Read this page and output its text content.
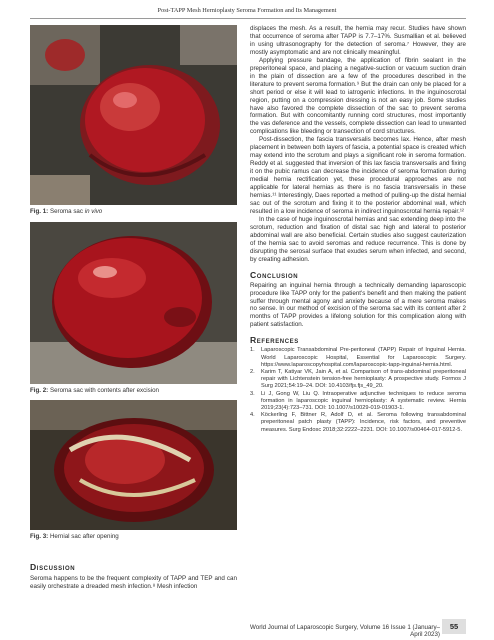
Post-TAPP Mesh Hernioplasty Seroma Formation and Its Management
Fig. 1: Seroma sac in vivo
Fig. 2: Seroma sac with contents after excision
Fig. 3: Hernial sac after opening
Discussion

Seroma happens to be the frequent complexity of TAPP and TEP and can easily orchestrate a dreaded mesh infection.⁸ Mesh infection

displaces the mesh. As a result, the hernia may recur. Studies have shown that occurrence of seroma after TAPP is 7.7–17%. Susmallian et al. believed in using ultrasonography for the detection of seroma.⁷ However, they are mostly asymptomatic and are not clinically meaningful.

Applying pressure bandage, the application of fibrin sealant in the preperitoneal space, and placing a negative-suction or vacuum suction drain in the plain of dissection are a few of the procedures described in the literature to prevent seroma formation.⁹ But the drain can only be placed for a short period or else it will lead to iatrogenic infections. In the inguinoscrotal region, putting on a compression dressing is not an easy job. Some studies have also favored the complete dissection of the sac to prevent seroma formation. But with concomitantly running cord structures, most importantly the vas deference and the vessels, complete dissection can lead to unwanted complications like bleeding or transection of cord structures.

Post-dissection, the fascia transversalis becomes lax. Hence, after mesh placement in between both layers of fascia, a potential space is created which may extend into the scrotum and plays a significant role in seroma formation. Reddy et al. suggested that inversion of this lax fascia transversalis and fixing it on the pubic ramus can decrease the incidence of seroma formation during medial hernia rectification yet, these procedural approaches are not applicable for lateral hernias as there is no fascia transversalis in these hernias.¹¹ Interestingly, Daes reported a method of pulling-up the distal hernial sac out of the scrotum and fixing it to the posterior abdominal wall, which resulted in a low incidence of seroma in indirect inguinoscrotal hernia repair.¹²

In the case of huge inguinoscrotal hernias and sac extending deep into the scrotum, reduction and fixation of distal sac high and lateral to posterior abdominal wall are also beneficial. Certain studies also suggest cauterization of the hernia sac to avoid seromas and reduce recurrence. This is done by disrupting the serosal surface that exudes serum when infected, and second, by creating adhesion.

Conclusion

Repairing an inguinal hernia through a technically demanding laparoscopic procedure like TAPP only for the patient's benefit and then making the patient suffer through mental agony and anxiety because of a mere seroma makes no sense. In our method of excision of the seroma sac with its content after 2 months of TAPP provides a lifelong solution for this complication along with patient satisfaction.

References
1.	Laparoscopic Transabdominal Pre-peritoneal (TAPP) Repair of Inguinal Hernia. World Laparoscopic Hospital, Essential for Laparoscopic Surgery. https://www.laparoscopyhospital.com/laparoscopic-tapp-inguinal-hernia.html.
2.	Karim T, Katiyar VK, Jain A, et al. Comparison of trans-abdominal preperitoneal repair with Lichtenstein tension-free hernioplasty: A prospective study. Formos J Surg 2021;54:19–24. DOI: 10.4103/fjs.fjs_49_20.
3.	Li J, Gong W, Liu Q. Intraoperative adjunctive techniques to reduce seroma formation in laparoscopic inguinal hernioplasty: A systematic review. Hernia 2019;23(4):723–731. DOI: 10.1007/s10029-019-01903-1.
4.	Köckerling F, Bittner R, Adolf D, et al. Seroma following transabdominal preperitoneal patch plasty (TAPP): Incidence, risk factors, and preventive measures. Surg Endosc 2018;32:2222–2231. DOI: 10.1007/s00464-017-5912-5.
World Journal of Laparoscopic Surgery, Volume 16 Issue 1 (January–April 2023)
55
